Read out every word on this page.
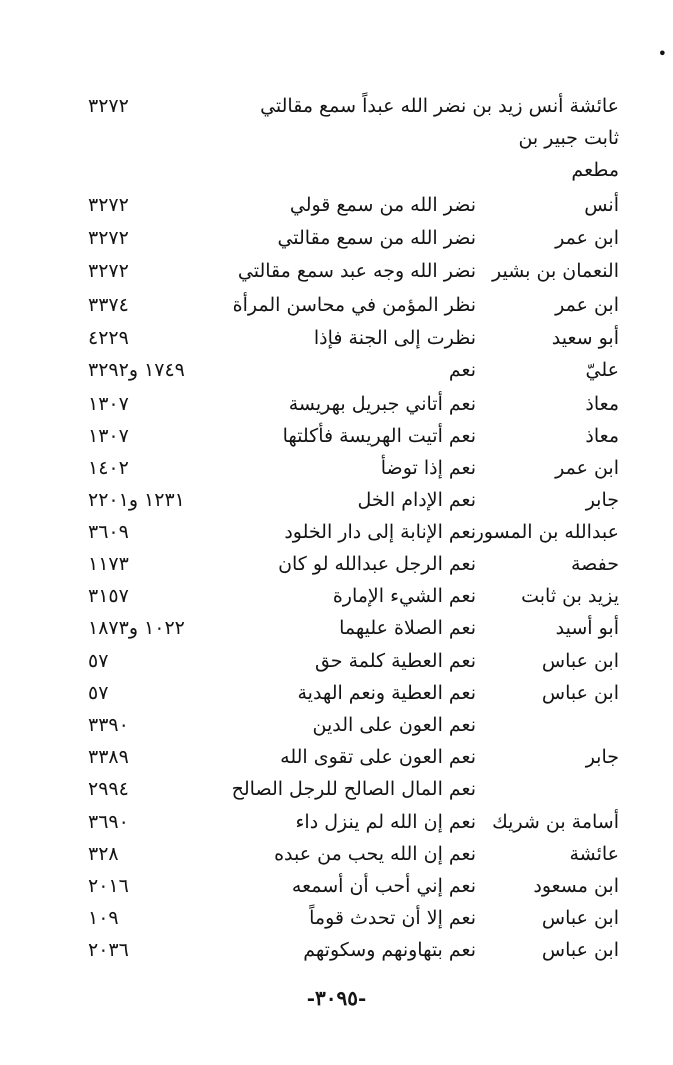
•
عائشة أنس زيد بن نضر الله عبداً سمع مقالتي
٣٢٧٢
ثابت جبير بن
مطعم
أنس
نضر الله من سمع قولي
٣٢٧٢
ابن عمر
نضر الله من سمع مقالتي
٣٢٧٢
النعمان بن بشير
نضر الله وجه عبد سمع مقالتي
٣٢٧٢
ابن عمر
نظر المؤمن في محاسن المرأة
٣٣٧٤
أبو سعيد
نظرت إلى الجنة فإذا
٤٢٢٩
عليّ
نعم
١٧٤٩ و٣٢٩٢
معاذ
نعم أتاني جبريل بهريسة
١٣٠٧
معاذ
نعم أتيت الهريسة فأكلتها
١٣٠٧
ابن عمر
نعم إذا توضأ
١٤٠٢
جابر
نعم الإدام الخل
١٢٣١ و٢٢٠١
عبدالله بن المسور
نعم الإنابة إلى دار الخلود
٣٦٠٩
حفصة
نعم الرجل عبدالله لو كان
١١٧٣
يزيد بن ثابت
نعم الشيء الإمارة
٣١٥٧
أبو أسيد
نعم الصلاة عليهما
١٠٢٢ و١٨٧٣
ابن عباس
نعم العطية كلمة حق
٥٧
ابن عباس
نعم العطية ونعم الهدية
٥٧
نعم العون على الدين
٣٣٩٠
جابر
نعم العون على تقوى الله
٣٣٨٩
نعم المال الصالح للرجل الصالح
٢٩٩٤
أسامة بن شريك
نعم إن الله لم ينزل داء
٣٦٩٠
عائشة
نعم إن الله يحب من عبده
٣٢٨
ابن مسعود
نعم إني أحب أن أسمعه
٢٠١٦
ابن عباس
نعم إلا أن تحدث قوماً
١٠٩
ابن عباس
نعم بتهاونهم وسكوتهم
٢٠٣٦
-٣٠٩٥-
